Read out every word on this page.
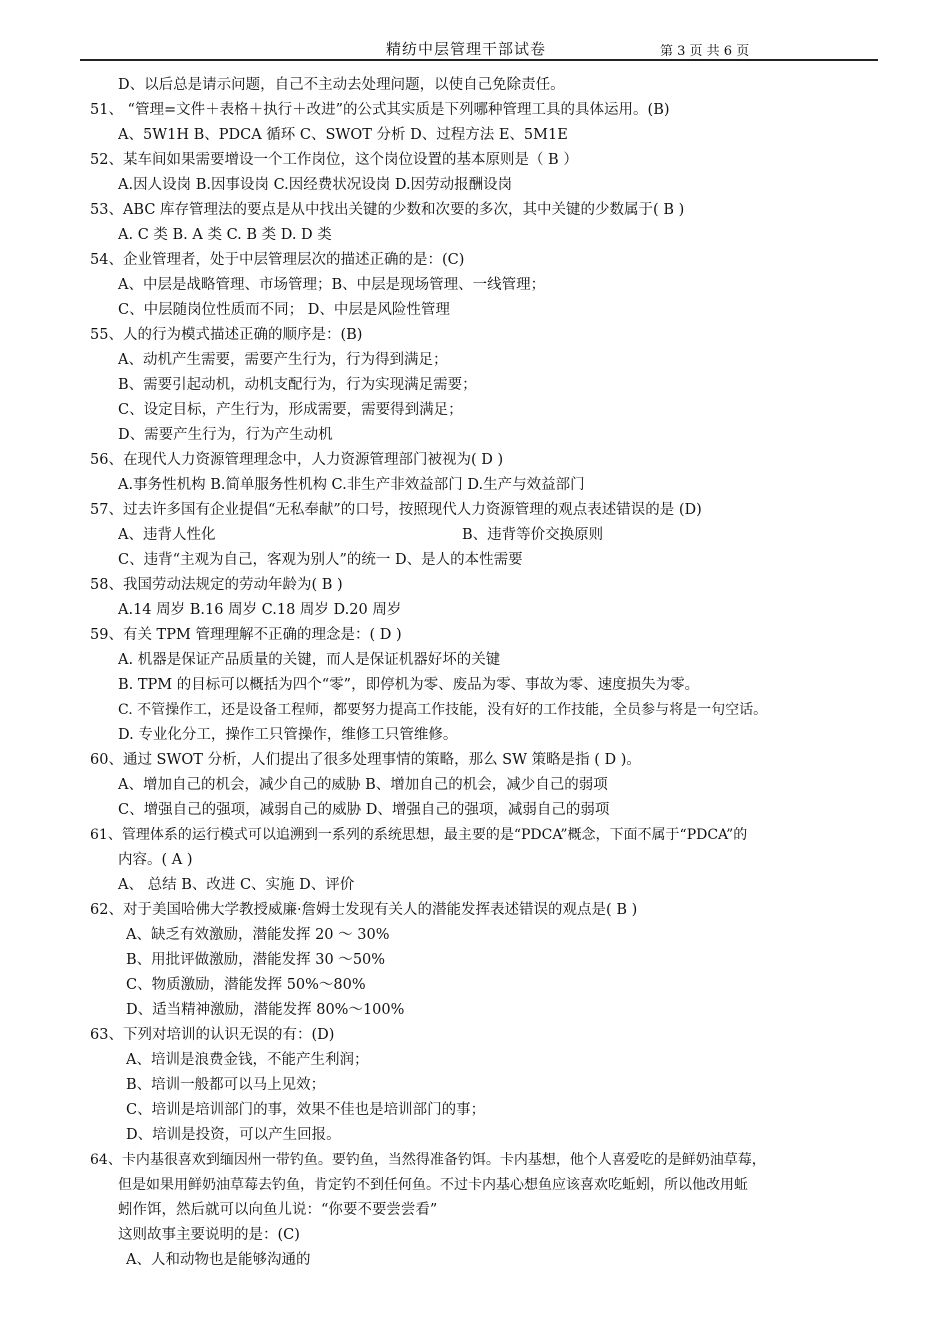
精纺中层管理干部试卷	第 3 页 共 6 页
D、以后总是请示问题，自己不主动去处理问题，以使自己免除责任。
51、 “管理=文件＋表格＋执行＋改进”的公式其实质是下列哪种管理工具的具体运用。(B)
A、5W1H B、PDCA 循环 C、SWOT 分析 D、过程方法 E、5M1E
52、某车间如果需要增设一个工作岗位，这个岗位设置的基本原则是（ B ）
A.因人设岗 B.因事设岗 C.因经费状况设岗 D.因劳动报酬设岗
53、ABC 库存管理法的要点是从中找出关键的少数和次要的多次，其中关键的少数属于( B )
A. C 类 B. A 类 C. B 类 D. D 类
54、企业管理者，处于中层管理层次的描述正确的是：(C)
A、中层是战略管理、市场管理；B、中层是现场管理、一线管理；
C、中层随岗位性质而不同； D、中层是风险性管理
55、人的行为模式描述正确的顺序是：(B)
A、动机产生需要，需要产生行为，行为得到满足；
B、需要引起动机，动机支配行为，行为实现满足需要；
C、设定目标，产生行为，形成需要，需要得到满足；
D、需要产生行为，行为产生动机
56、在现代人力资源管理理念中，人力资源管理部门被视为( D )
A.事务性机构 B.简单服务性机构 C.非生产非效益部门 D.生产与效益部门
57、过去许多国有企业提倡“无私奉献”的口号，按照现代人力资源管理的观点表述错误的是 (D)
A、违背人性化	B、违背等价交换原则
C、违背“主观为自己，客观为别人”的统一 D、是人的本性需要
58、我国劳动法规定的劳动年龄为( B )
A.14 周岁 B.16 周岁 C.18 周岁 D.20 周岁
59、有关 TPM 管理理解不正确的理念是：( D )
A. 机器是保证产品质量的关键，而人是保证机器好坏的关键
B. TPM 的目标可以概括为四个“零”，即停机为零、废品为零、事故为零、速度损失为零。
C. 不管操作工，还是设备工程师，都要努力提高工作技能，没有好的工作技能，全员参与将是一句空话。
D. 专业化分工，操作工只管操作，维修工只管维修。
60、通过 SWOT 分析，人们提出了很多处理事情的策略，那么 SW 策略是指 ( D )。
A、增加自己的机会，减少自己的威胁 B、增加自己的机会，减少自己的弱项
C、增强自己的强项，减弱自己的威胁 D、增强自己的强项，减弱自己的弱项
61、管理体系的运行模式可以追溯到一系列的系统思想，最主要的是“PDCA”概念，下面不属于“PDCA”的
内容。( A )
A、 总结 B、改进 C、实施 D、评价
62、对于美国哈佛大学教授威廉·詹姆士发现有关人的潜能发挥表述错误的观点是( B )
A、缺乏有效激励，潜能发挥 20 ～ 30%
B、用批评做激励，潜能发挥 30 ～50%
C、物质激励，潜能发挥 50%～80%
D、适当精神激励，潜能发挥 80%～100%
63、下列对培训的认识无误的有：(D)
A、培训是浪费金钱，不能产生利润；
B、培训一般都可以马上见效；
C、培训是培训部门的事，效果不佳也是培训部门的事；
D、培训是投资，可以产生回报。
64、卡内基很喜欢到缅因州一带钓鱼。要钓鱼，当然得准备钓饵。卡内基想，他个人喜爱吃的是鲜奶油草莓，
但是如果用鲜奶油草莓去钓鱼，肯定钓不到任何鱼。不过卡内基心想鱼应该喜欢吃蚯蚓，所以他改用蚯
蚓作饵，然后就可以向鱼儿说：“你要不要尝尝看”
这则故事主要说明的是：(C)
A、人和动物也是能够沟通的
